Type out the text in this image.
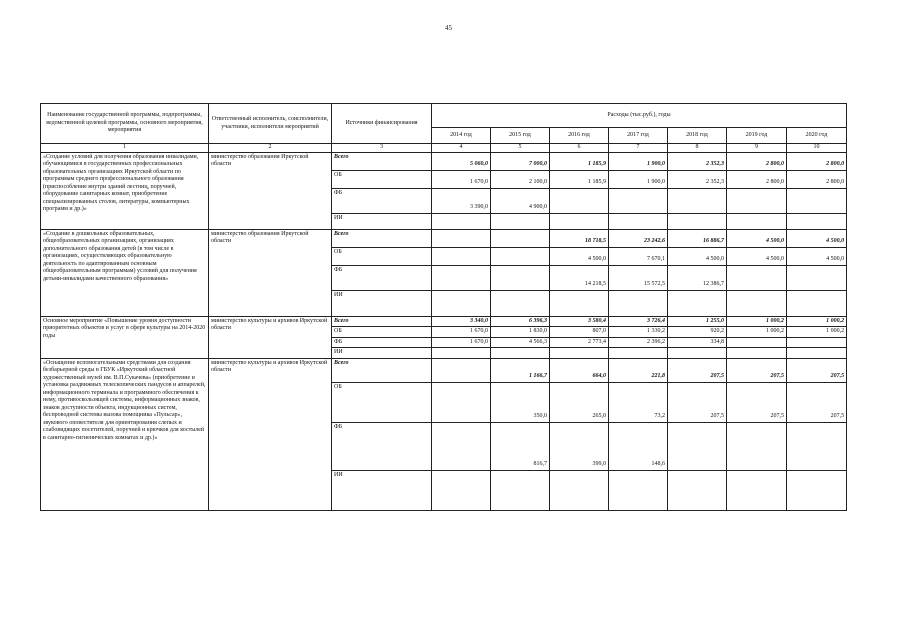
45
Наименование государственной программы, подпрограммы, ведомственной целевой программы, основного мероприятия, мероприятия	Ответственный исполнитель, соисполнители, участники, исполнители мероприятий	Источники финансирования	Расходы (тыс.руб.), годы						
			2014 год	2015 год	2016 год	2017 год	2018 год	2019 год	2020 год
1	2	3	4	5	6	7	8	9	10
«Создание условий для получения образования инвалидами, обучающимися в государственных профессиональных образовательных организациях Иркутской области по программам среднего профессионального образования (приспособление внутри зданий лестниц, поручней, оборудование санитарных комнат, приобретение специализированных столов, литературы, компьютерных программ и др.)»	министерство образования Иркутской области	Всего	5 060,0	7 000,0	1 185,9	1 900,0	2 352,3	2 800,0	2 800,0
		ОБ	1 670,0	2 100,0	1 185,9	1 900,0	2 352,3	2 800,0	2 800,0
		ФБ	3 390,0	4 900,0					
		ИИ							
«Создание в дошкольных образовательных, общеобразовательных организациях, организациях дополнительного образования детей (в том числе в организациях, осуществляющих образовательную деятельность по адаптированным основным общеобразовательным программам) условий для получения детьми-инвалидами качественного образования»	министерство образования Иркутской области	Всего			18 718,5	23 242,6	16 886,7	4 500,0	4 500,0
		ОБ			4 500,0	7 670,1	4 500,0	4 500,0	4 500,0
		ФБ			14 218,5	15 572,5	12 386,7		
		ИИ							
Основное мероприятие «Повышение уровня доступности приоритетных объектов и услуг в сфере культуры на 2014-2020 годы	министерство культуры и архивов Иркутской области	Всего	3 340,0	6 396,3	3 580,4	3 726,4	1 255,0	1 000,2	1 000,2
		ОБ	1 670,0	1 830,0	807,0	1 330,2	920,2	1 000,2	1 000,2
		ФБ	1 670,0	4 566,3	2 773,4	2 396,2	334,8		
		ИИ							
«Оснащение вспомогательными средствами для создания безбарьерной среды в ГБУК «Иркутский областной художественный музей им. В.П.Сукачева» (приобретение и установка раздвижных телескопических пандусов и аппарелей, информационного терминала и программного обеспечения к нему, противоскользящей системы, информационных знаков, знаков доступности объекта, индукционных систем, беспроводной системы вызова помощника «Пульсар», звукового оповестителя для ориентирования слепых и слабовидящих посетителей, поручней и крючков для костылей в санитарно-гигиенических комнатах и др.)»	министерство культуры и архивов Иркутской области	Всего		1 166,7	664,0	221,8	207,5	207,5	207,5
		ОБ		350,0	265,0	73,2	207,5	207,5	207,5
		ФБ		816,7	399,0	148,6			
		ИИ							
